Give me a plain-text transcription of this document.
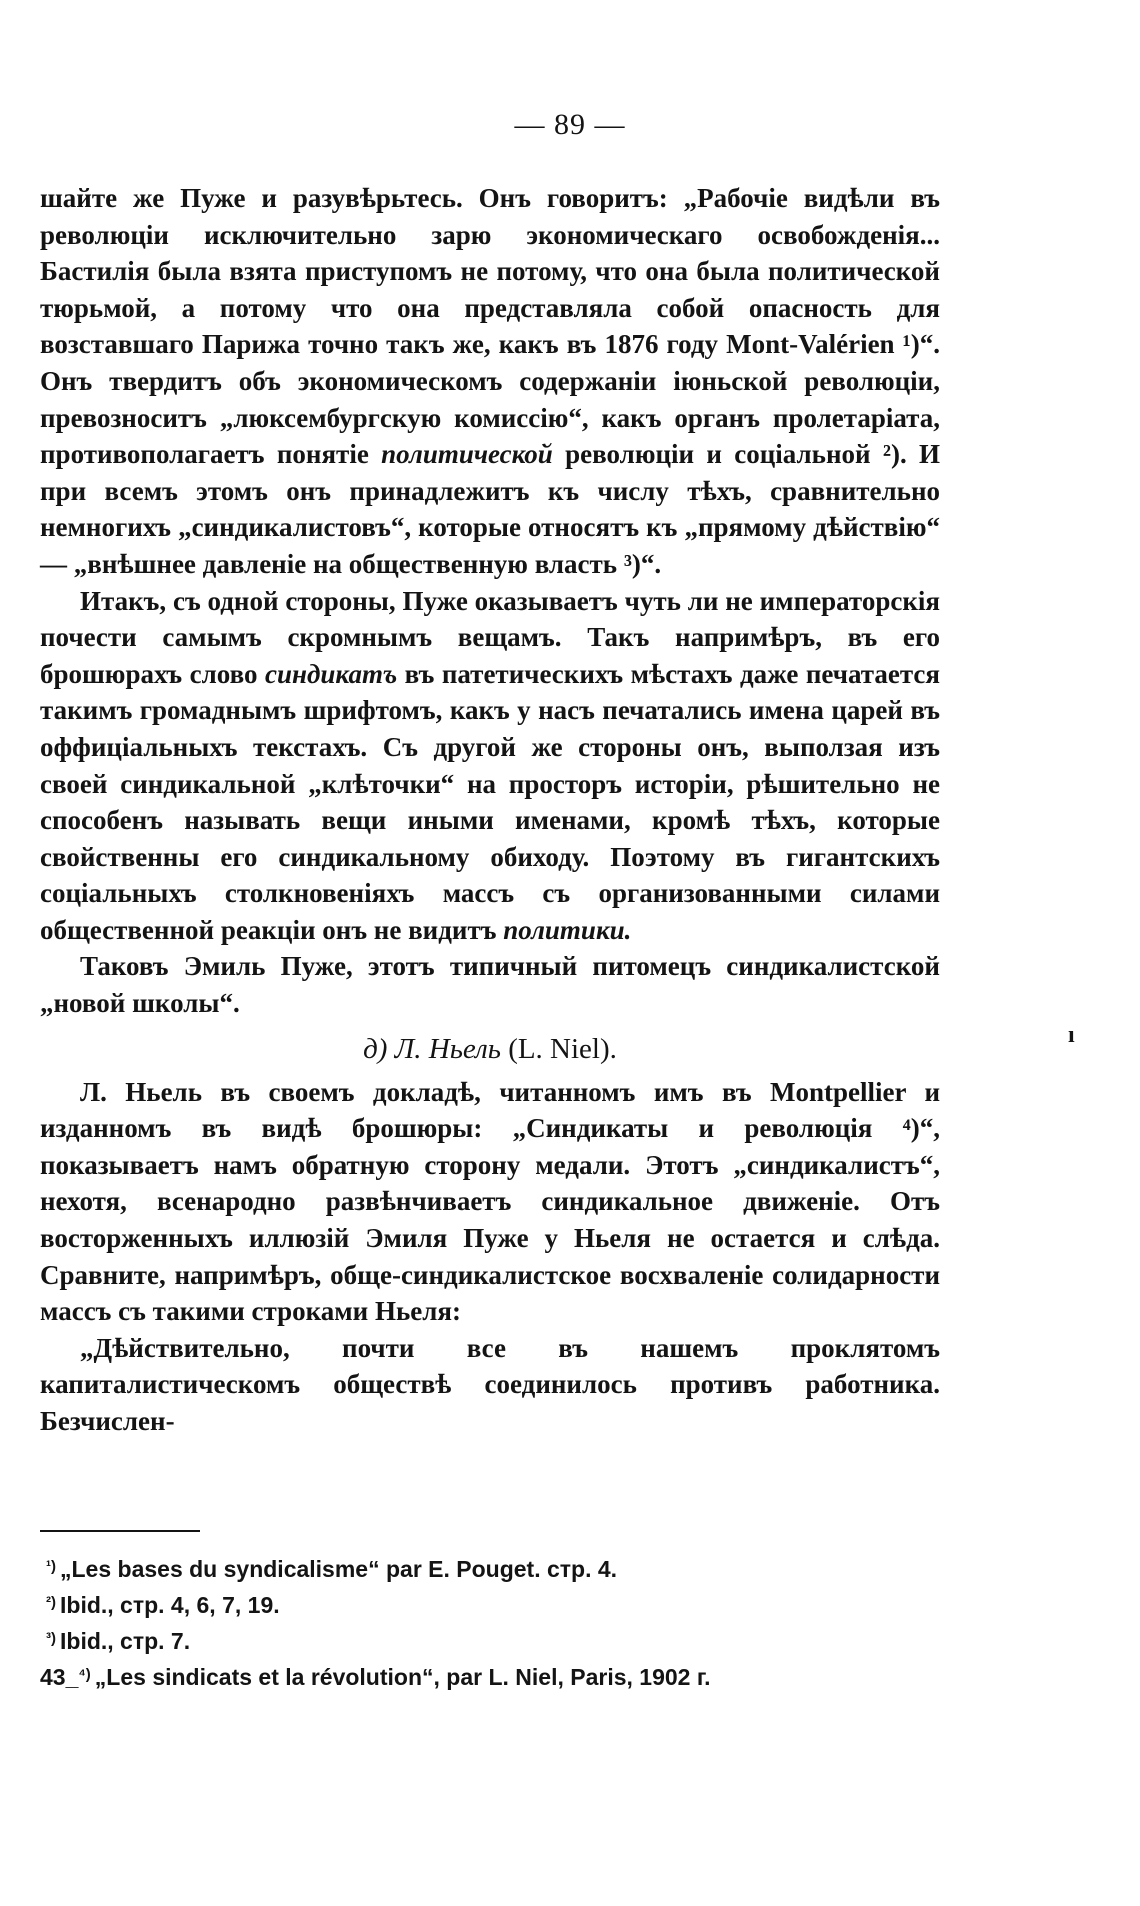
— 89 —

шайте же Пуже и разувѣрьтесь. Онъ говоритъ: „Рабочіе видѣли въ революціи исключительно зарю экономическаго освобожденія... Бастилія была взята приступомъ не потому, что она была политической тюрьмой, а потому что она представляла собой опасность для возставшаго Парижа точно такъ же, какъ въ 1876 году Mont-Valérien ¹)“. Онъ твердитъ объ экономическомъ содержаніи іюньской революціи, превозноситъ „люксембургскую комиссію“, какъ органъ пролетаріата, противополагаетъ понятіе политической революціи и соціальной ²). И при всемъ этомъ онъ принадлежитъ къ числу тѣхъ, сравнительно немногихъ „синдикалистовъ“, которые относятъ къ „прямому дѣйствію“ — „внѣшнее давленіе на общественную власть ³)“.

Итакъ, съ одной стороны, Пуже оказываетъ чуть ли не императорскія почести самымъ скромнымъ вещамъ. Такъ напримѣръ, въ его брошюрахъ слово синдикатъ въ патетическихъ мѣстахъ даже печатается такимъ громаднымъ шрифтомъ, какъ у насъ печатались имена царей въ оффиціальныхъ текстахъ. Съ другой же стороны онъ, выползая изъ своей синдикальной „клѣточки“ на просторъ исторіи, рѣшительно не способенъ называть вещи иными именами, кромѣ тѣхъ, которые свойственны его синдикальному обиходу. Поэтому въ гигантскихъ соціальныхъ столкновеніяхъ массъ съ организованными силами общественной реакціи онъ не видитъ политики.

Таковъ Эмиль Пуже, этотъ типичный питомецъ синдикалистской „новой школы“.

д) Л. Ньель (L. Niel).

Л. Ньель въ своемъ докладѣ, читанномъ имъ въ Montpellier и изданномъ въ видѣ брошюры: „Синдикаты и революція ⁴)“, показываетъ намъ обратную сторону медали. Этотъ „синдикалистъ“, нехотя, всенародно развѣнчиваетъ синдикальное движеніе. Отъ восторженныхъ иллюзій Эмиля Пуже у Ньеля не остается и слѣда. Сравните, напримѣръ, обще-синдикалистское восхваленіе солидарности массъ съ такими строками Ньеля:

„Дѣйствительно, почти все въ нашемъ проклятомъ капиталистическомъ обществѣ соединилось противъ работника. Безчислен-

ı
$^{^1)}$ „Les bases du syndicalisme“ par E. Pouget. стр. 4.
$^{^2)}$ Ibid., стр. 4, 6, 7, 19.
$^{^3)}$ Ibid., стр. 7.
43_$^{^4)}$ „Les sindicats et la révolution“, par L. Niel, Paris, 1902 г.
